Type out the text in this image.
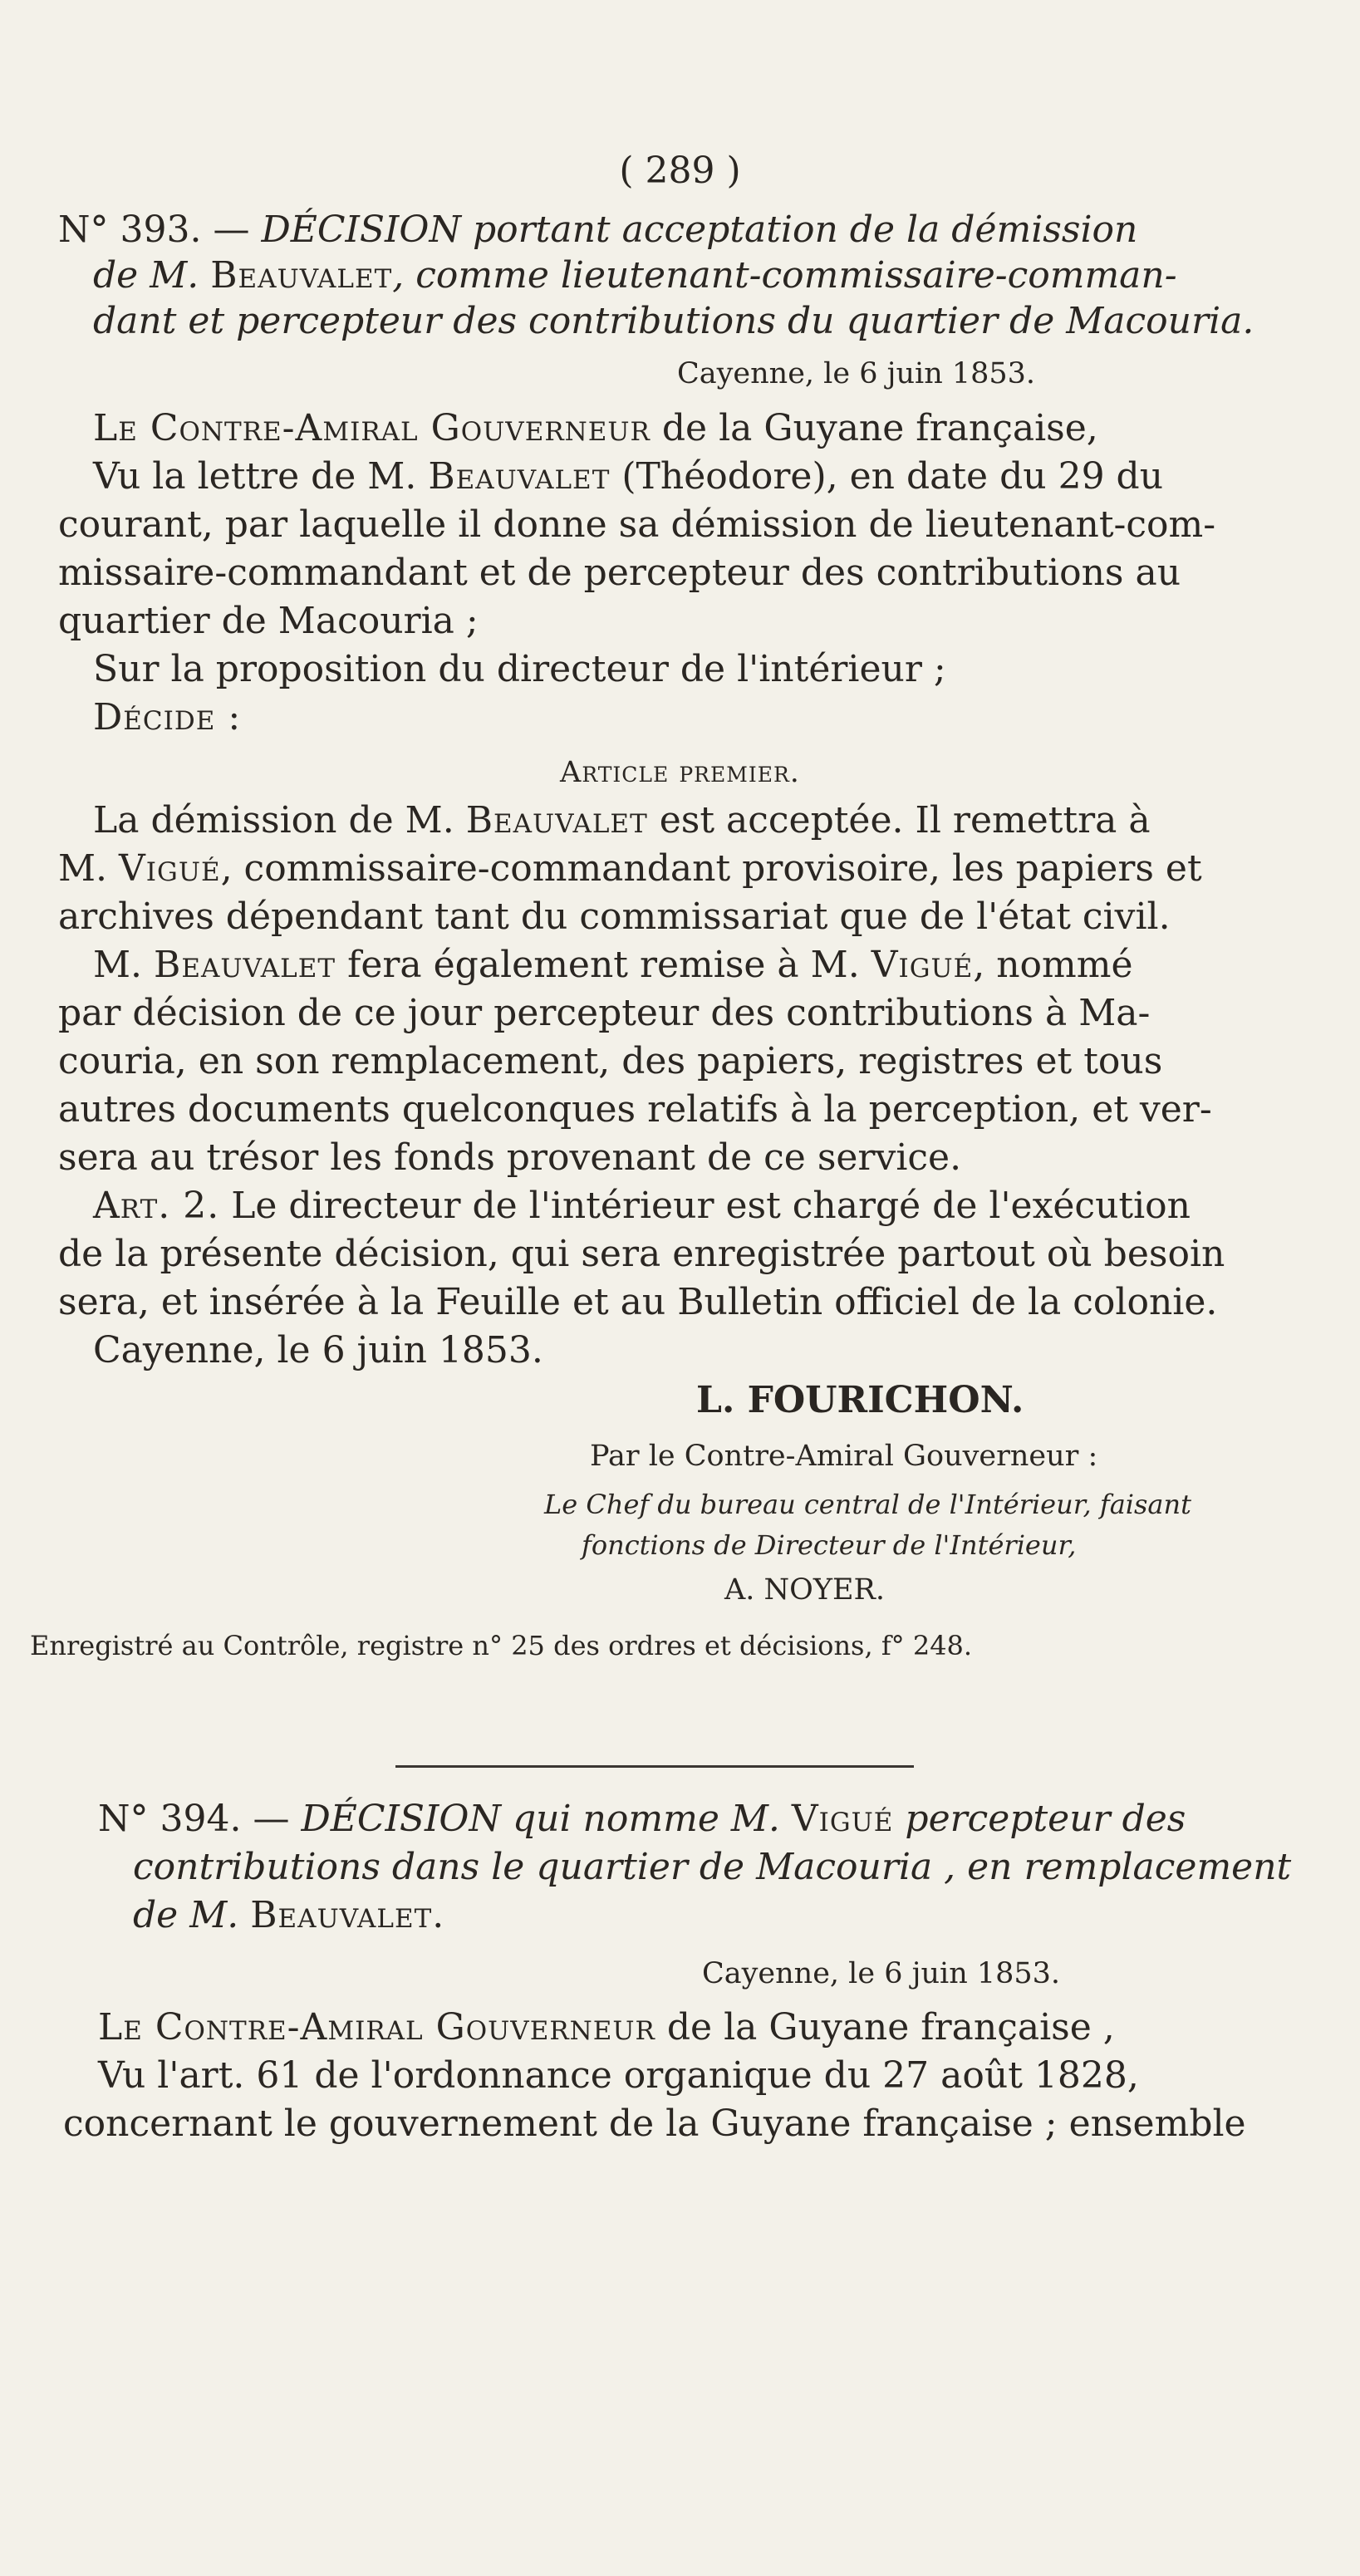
( 289 )
N° 393. — DÉCISION portant acceptation de la démission
de M. Beauvalet, comme lieutenant-commissaire-comman-
dant et percepteur des contributions du quartier de Macouria.
Cayenne, le 6 juin 1853.
Le Contre-Amiral Gouverneur de la Guyane française,
Vu la lettre de M. Beauvalet (Théodore), en date du 29 du
courant, par laquelle il donne sa démission de lieutenant-com-
missaire-commandant et de percepteur des contributions au
quartier de Macouria ;
Sur la proposition du directeur de l'intérieur ;
Décide :
Article premier.
La démission de M. Beauvalet est acceptée. Il remettra à
M. Vigué, commissaire-commandant provisoire, les papiers et
archives dépendant tant du commissariat que de l'état civil.
M. Beauvalet fera également remise à M. Vigué, nommé
par décision de ce jour percepteur des contributions à Ma-
couria, en son remplacement, des papiers, registres et tous
autres documents quelconques relatifs à la perception, et ver-
sera au trésor les fonds provenant de ce service.
Art. 2. Le directeur de l'intérieur est chargé de l'exécution
de la présente décision, qui sera enregistrée partout où besoin
sera, et insérée à la Feuille et au Bulletin officiel de la colonie.
Cayenne, le 6 juin 1853.
L. FOURICHON.
Par le Contre-Amiral Gouverneur :
Le Chef du bureau central de l'Intérieur, faisant
fonctions de Directeur de l'Intérieur,
A. NOYER.
Enregistré au Contrôle, registre n° 25 des ordres et décisions, f° 248.
N° 394. — DÉCISION qui nomme M. Vigué percepteur des
contributions dans le quartier de Macouria , en remplacement
de M. Beauvalet.
Cayenne, le 6 juin 1853.
Le Contre-Amiral Gouverneur de la Guyane française ,
Vu l'art. 61 de l'ordonnance organique du 27 août 1828,
concernant le gouvernement de la Guyane française ; ensemble
